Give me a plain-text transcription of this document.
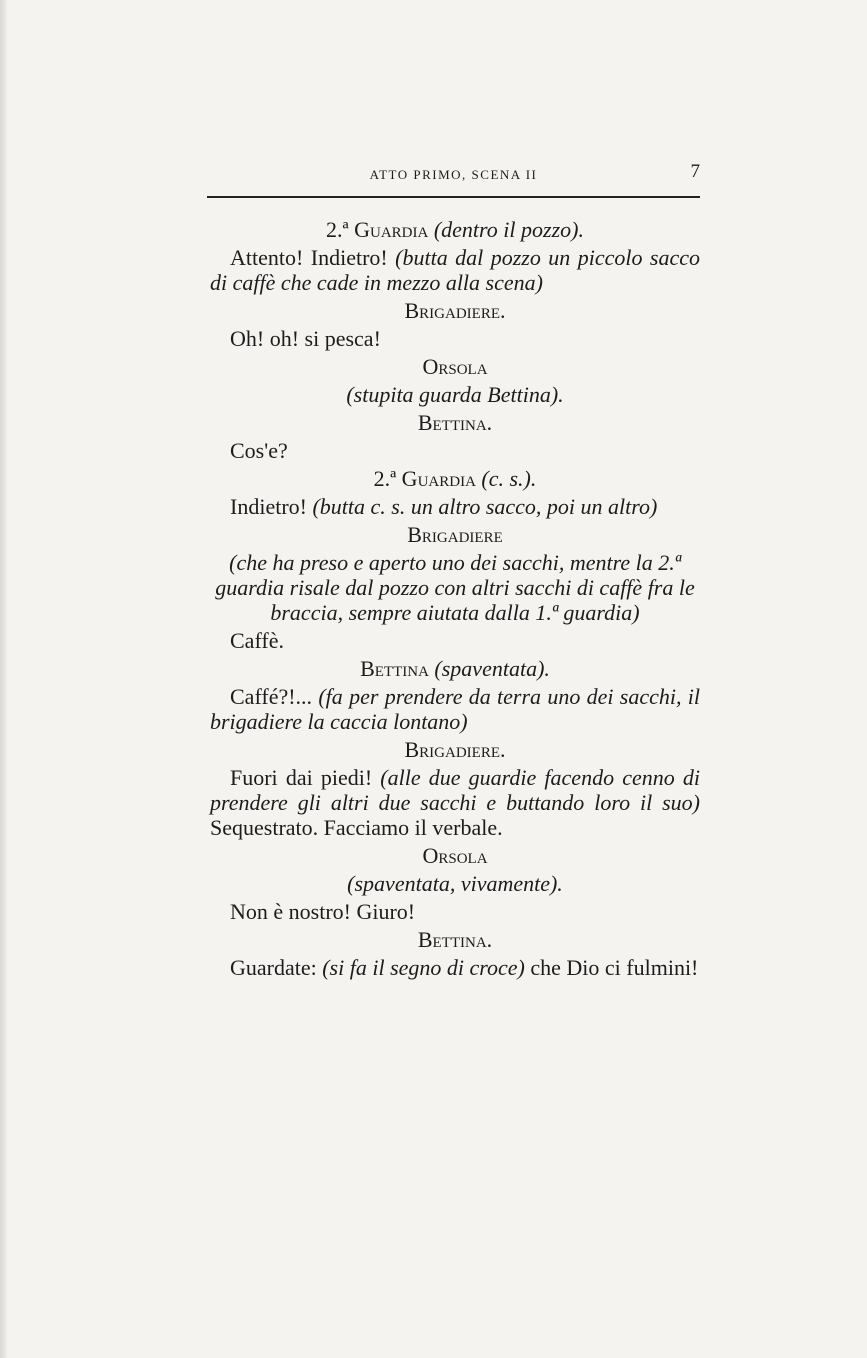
ATTO PRIMO, SCENA II	7
2.ª Guardia (dentro il pozzo).
Attento! Indietro! (butta dal pozzo un piccolo sacco di caffè che cade in mezzo alla scena)
Brigadiere.
Oh! oh! si pesca!
Orsola
(stupita guarda Bettina).
Bettina.
Cos'e?
2.ª Guardia (c. s.).
Indietro! (butta c. s. un altro sacco, poi un altro)
Brigadiere
(che ha preso e aperto uno dei sacchi, mentre la 2.ª guardia risale dal pozzo con altri sacchi di caffè fra le braccia, sempre aiutata dalla 1.ª guardia)
Caffè.
Bettina (spaventata).
Caffé?!... (fa per prendere da terra uno dei sacchi, il brigadiere la caccia lontano)
Brigadiere.
Fuori dai piedi! (alle due guardie facendo cenno di prendere gli altri due sacchi e buttando loro il suo) Sequestrato. Facciamo il verbale.
Orsola
(spaventata, vivamente).
Non è nostro! Giuro!
Bettina.
Guardate: (si fa il segno di croce) che Dio ci fulmini!
